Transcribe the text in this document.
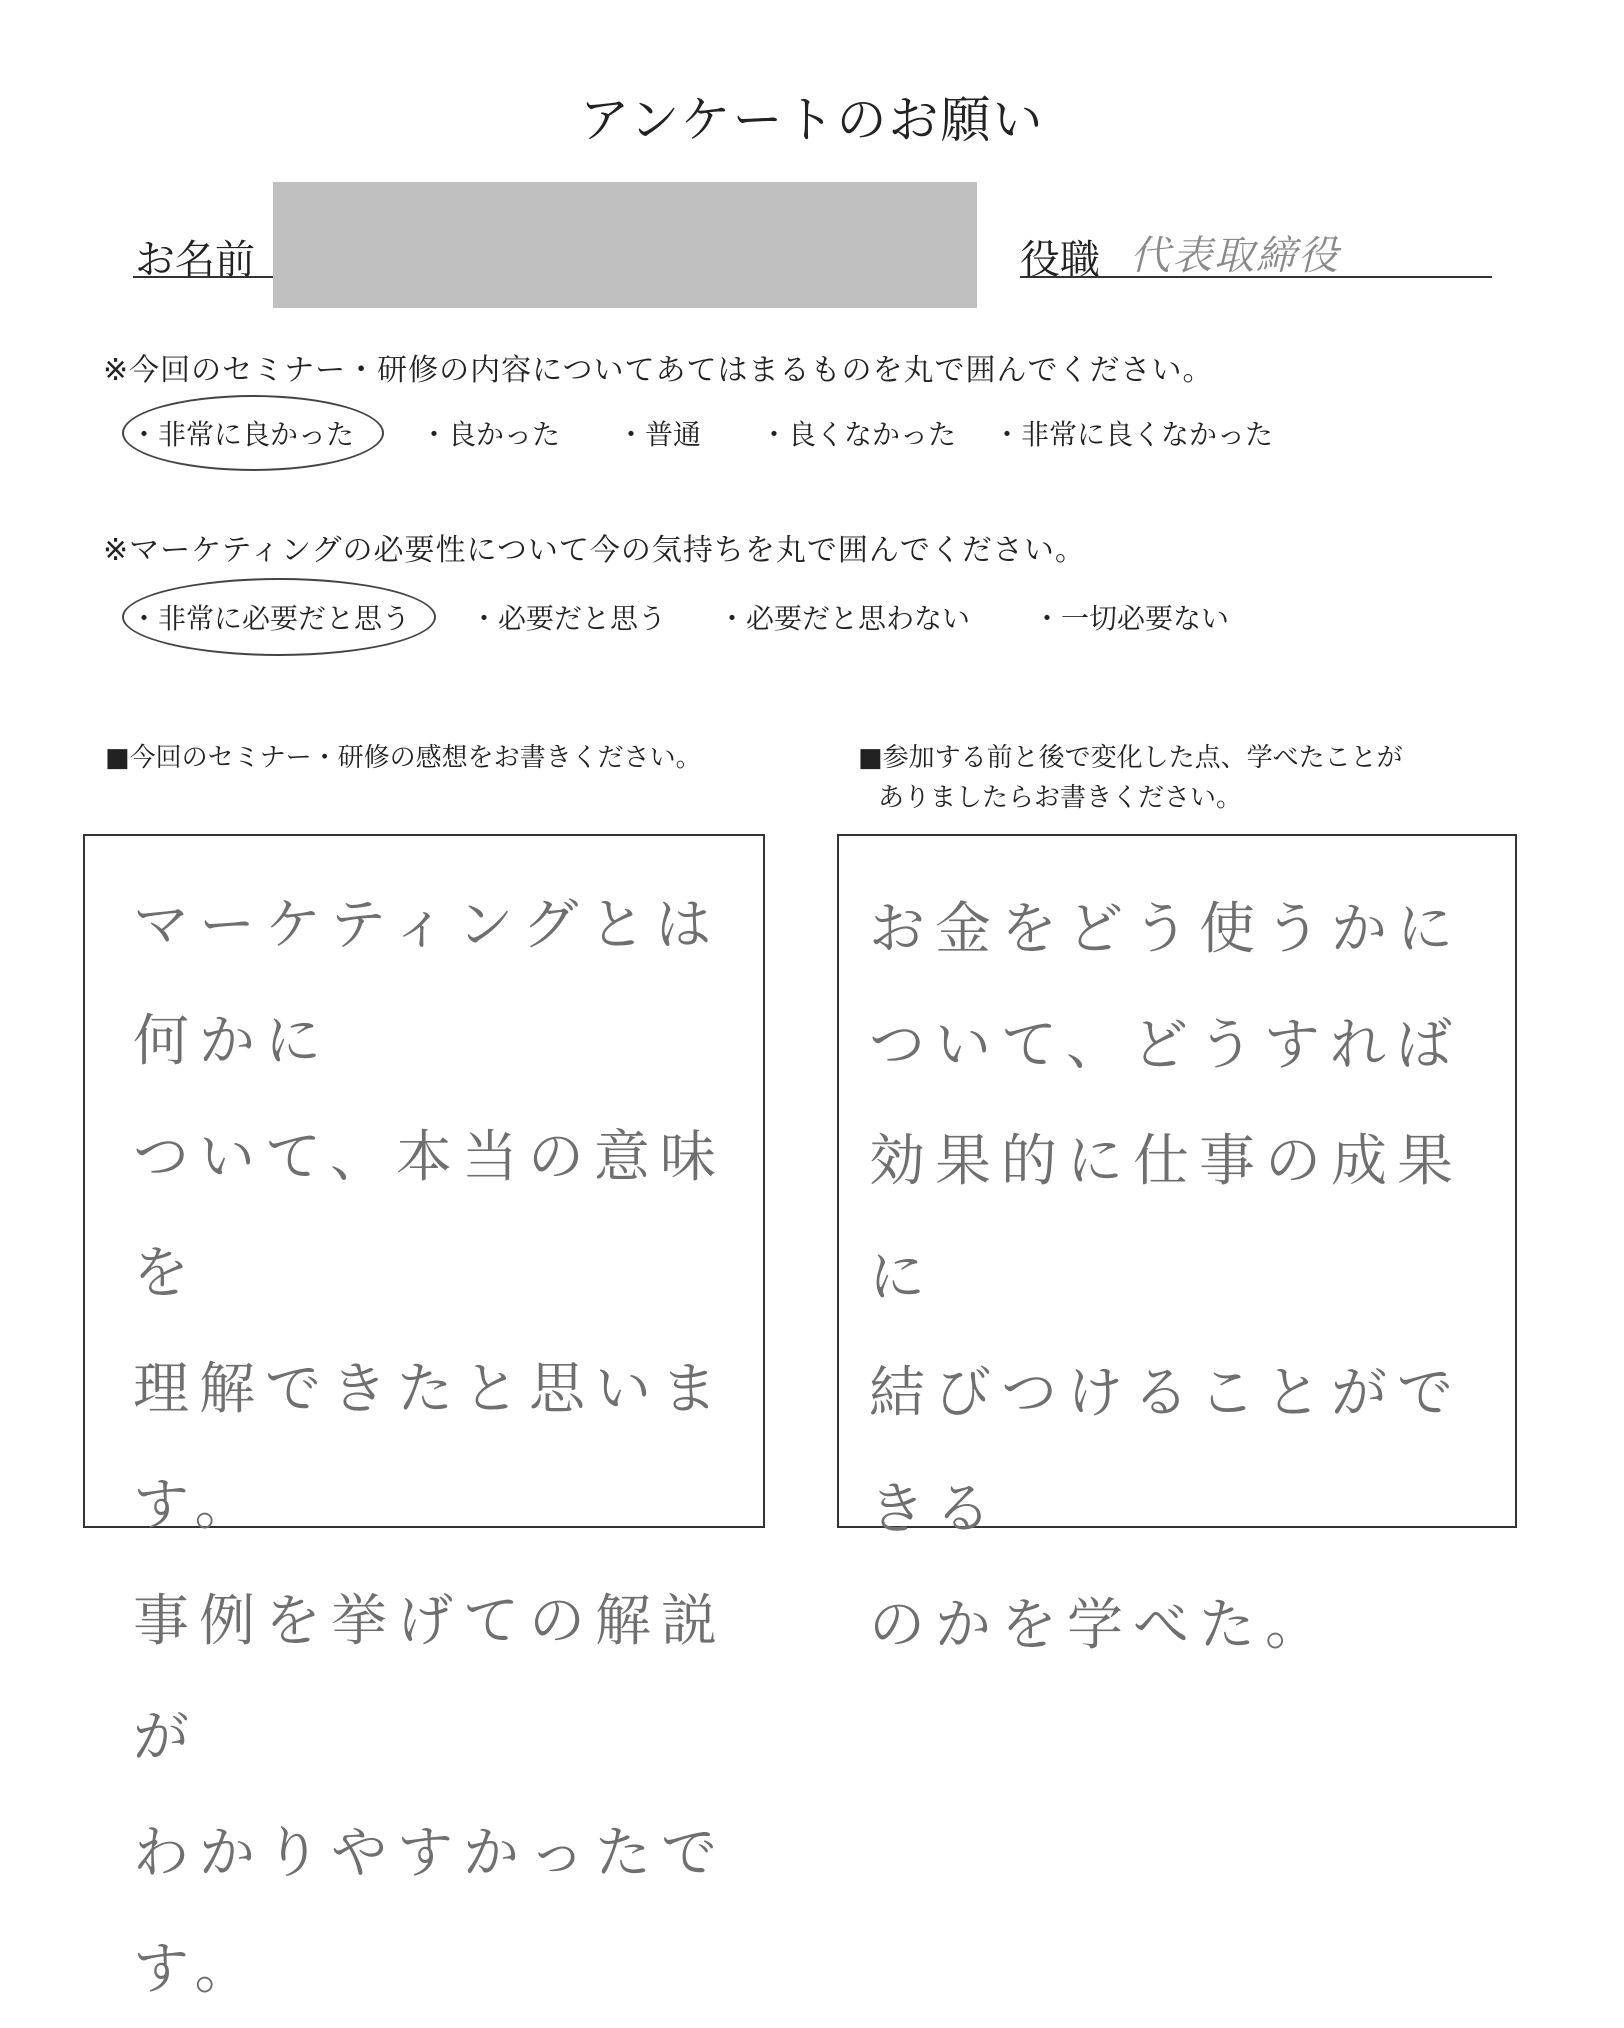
アンケートのお願い
お名前	役職 代表取締役
※今回のセミナー・研修の内容についてあてはまるものを丸で囲んでください。
・非常に良かった ・良かった ・普通 ・良くなかった ・非常に良くなかった
※マーケティングの必要性について今の気持ちを丸で囲んでください。
・非常に必要だと思う ・必要だと思う ・必要だと思わない ・一切必要ない
■今回のセミナー・研修の感想をお書きください。
マーケティングとは何かに
ついて、本当の意味を
理解できたと思います。
事例を挙げての解説が
わかりやすかったです。
■参加する前と後で変化した点、学べたことが
ありましたらお書きください。
お金をどう使うかに
ついて、どうすれば
効果的に仕事の成果に
結びつけることができる
のかを学べた。
